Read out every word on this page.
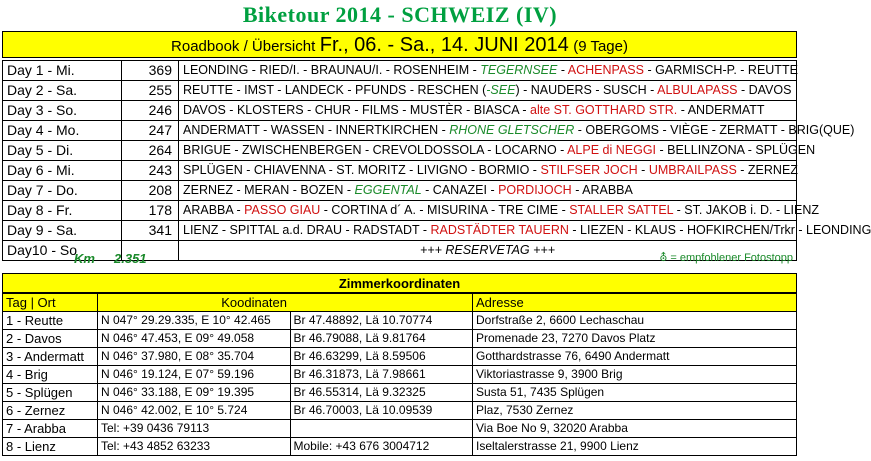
Biketour 2014 - SCHWEIZ (IV)
Roadbook / Übersicht Fr., 06. - Sa., 14. JUNI 2014 (9 Tage)
Day 1 - Mi.	369	LEONDING - RIED/I. - BRAUNAU/I. - ROSENHEIM - TEGERNSEE - ACHENPASS - GARMISCH-P. - REUTTE
Day 2 - Sa.	255	REUTTE - IMST - LANDECK - PFUNDS - RESCHEN (-SEE) - NAUDERS - SUSCH - ALBULAPASS - DAVOS
Day 3 - So.	246	DAVOS - KLOSTERS - CHUR - FILMS - MUSTÈR - BIASCA - alte ST. GOTTHARD STR. - ANDERMATT
Day 4 - Mo.	247	ANDERMATT - WASSEN - INNERTKIRCHEN - RHONE GLETSCHER - OBERGOMS - VIÈGE - ZERMATT - BRIG(QUE)
Day 5 - Di.	264	BRIGUE - ZWISCHENBERGEN - CREVOLDOSSOLA - LOCARNO - ALPE di NEGGI - BELLINZONA - SPLÜGEN
Day 6 - Mi.	243	SPLÜGEN - CHIAVENNA - ST. MORITZ - LIVIGNO - BORMIO - STILFSER JOCH - UMBRAILPASS - ZERNEZ
Day 7 - Do.	208	ZERNEZ - MERAN - BOZEN - EGGENTAL - CANAZEI - PORDIJOCH - ARABBA
Day 8 - Fr.	178	ARABBA - PASSO GIAU - CORTINA d´ A. - MISURINA - TRE CIME - STALLER SATTEL - ST. JAKOB i. D. - LIENZ
Day 9 - Sa.	341	LIENZ - SPITTAL a.d. DRAU - RADSTADT - RADSTÄDTER TAUERN - LIEZEN - KLAUS - HOFKIRCHEN/Trkr - LEONDING
Day10 - So		+++ RESERVETAG +++
Km 2.351	⛢ = empfohlener Fotostopp
Zimmerkoordinaten
Tag | Ort	Koodinaten		Adresse
1 - Reutte	N 047° 29.29.335, E 10° 42.465	Br 47.48892, Lä 10.70774	Dorfstraße 2, 6600 Lechaschau
2 - Davos	N 046° 47.453, E 09° 49.058	Br 46.79088, Lä 9.81764	Promenade 23, 7270 Davos Platz
3 - Andermatt	N 046° 37.980, E 08° 35.704	Br 46.63299, Lä 8.59506	Gotthardstrasse 76, 6490 Andermatt
4 - Brig	N 046° 19.124, E 07° 59.196	Br 46.31873, Lä 7.98661	Viktoriastrasse 9, 3900 Brig
5 - Splügen	N 046° 33.188, E 09° 19.395	Br 46.55314, Lä 9.32325	Susta 51, 7435 Splügen
6 - Zernez	N 046° 42.002, E 10° 5.724	Br 46.70003, Lä 10.09539	Plaz, 7530 Zernez
7 - Arabba	Tel: +39 0436 79113		Via Boe No 9, 32020 Arabba
8 - Lienz	Tel: +43 4852 63233	Mobile: +43 676 3004712	Iseltalerstrasse 21, 9900 Lienz
